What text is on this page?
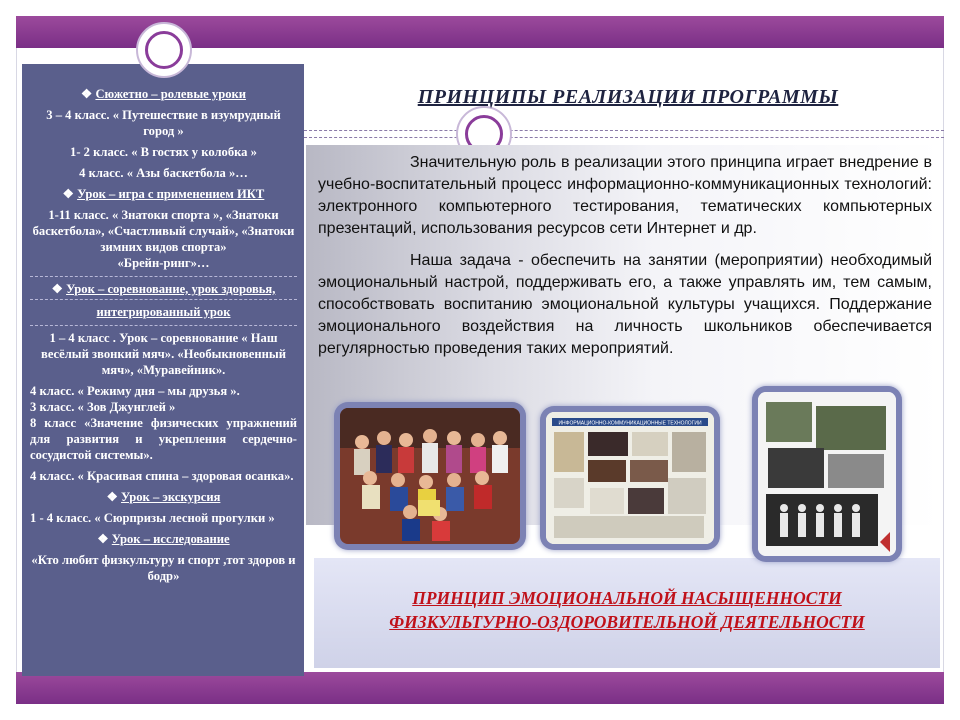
❖ Сюжетно – ролевые уроки

3 – 4 класс. « Путешествие в изумрудный город »

1- 2 класс. « В гостях у колобка »

4 класс. « Азы баскетбола »…

❖ Урок – игра с применением ИКТ

1-11 класс. « Знатоки спорта », «Знатоки баскетбола», «Счастливый случай», «Знатоки зимних видов спорта»

«Брейн-ринг»…

❖ Урок – соревнование, урок здоровья,

интегрированный урок

1 – 4 класс . Урок – соревнование « Наш весёлый звонкий мяч». «Необыкновенный мяч», «Муравейник».

4 класс. « Режиму дня – мы друзья ».

3 класс. « Зов Джунглей »

8 класс «Значение физических упражнений для развития и укрепления сердечно-сосудистой системы».

4 класс. « Красивая спина – здоровая осанка».

❖ Урок – экскурсия

1 - 4 класс. « Сюрпризы лесной прогулки »

❖ Урок – исследование

«Кто любит физкультуру и спорт ,тот здоров и бодр»

ПРИНЦИПЫ РЕАЛИЗАЦИИ ПРОГРАММЫ

Значительную роль в реализации этого принципа играет внедрение в учебно-воспитательный процесс информационно-коммуникационных технологий: электронного компьютерного тестирования, тематических компьютерных презентаций, использования ресурсов сети Интернет и др.

Наша задача - обеспечить на занятии (мероприятии) необходимый эмоциональный настрой, поддерживать его, а также управлять им, тем самым, способствовать воспитанию эмоциональной культуры учащихся. Поддержание эмоционального воздействия на личность школьников обеспечивается регулярностью проведения таких мероприятий.

ИНФОРМАЦИОННО-КОММУНИКАЦИОННЫЕ ТЕХНОЛОГИИ
ПРИНЦИП ЭМОЦИОНАЛЬНОЙ НАСЫЩЕННОСТИ
ФИЗКУЛЬТУРНО-ОЗДОРОВИТЕЛЬНОЙ ДЕЯТЕЛЬНОСТИ
